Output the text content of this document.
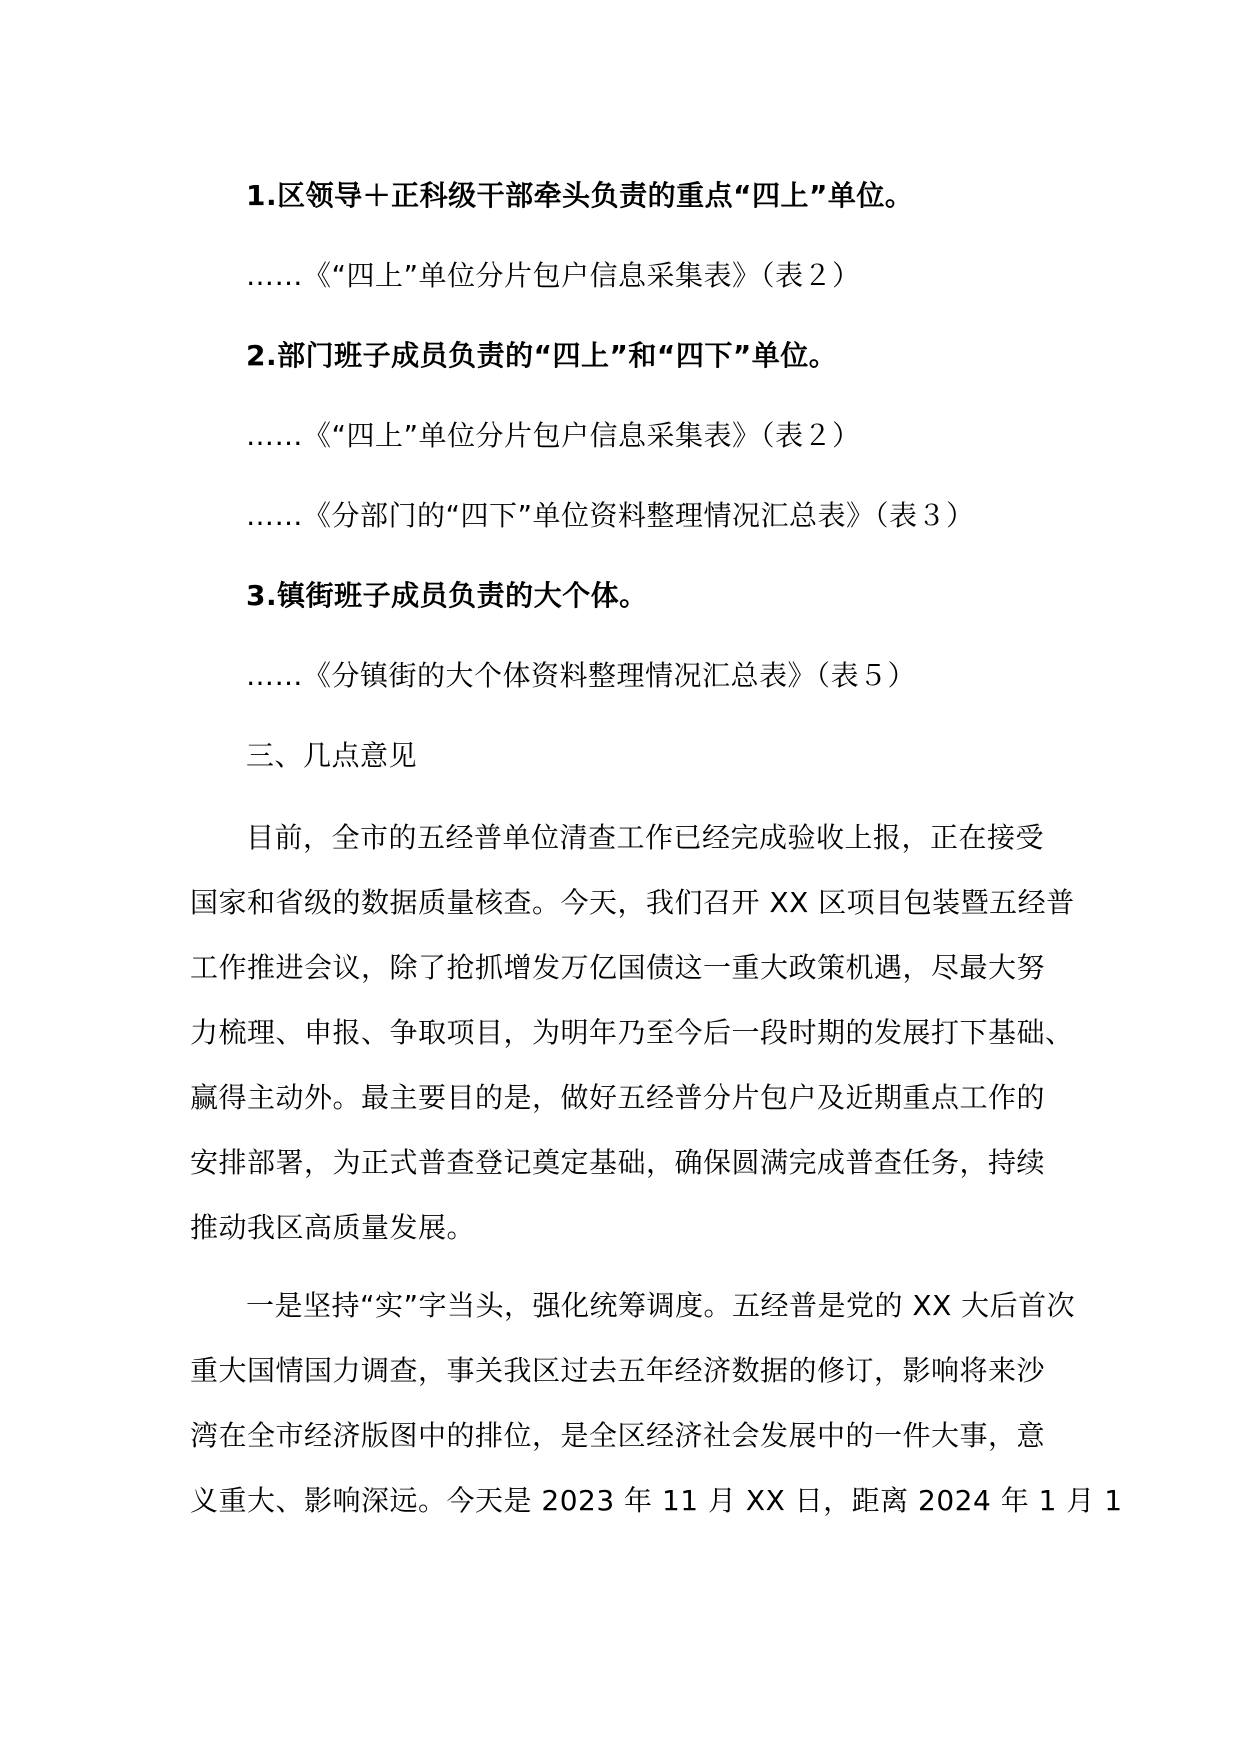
1.区领导＋正科级干部牵头负责的重点“四上”单位。
……《“四上”单位分片包户信息采集表》（表２）
2.部门班子成员负责的“四上”和“四下”单位。
……《“四上”单位分片包户信息采集表》（表２）
……《分部门的“四下”单位资料整理情况汇总表》（表３）
3.镇街班子成员负责的大个体。
……《分镇街的大个体资料整理情况汇总表》（表５）
三、几点意见
目前，全市的五经普单位清查工作已经完成验收上报，正在接受
国家和省级的数据质量核查。今天，我们召开 XX 区项目包装暨五经普
工作推进会议，除了抢抓增发万亿国债这一重大政策机遇，尽最大努
力梳理、申报、争取项目，为明年乃至今后一段时期的发展打下基础、
赢得主动外。最主要目的是，做好五经普分片包户及近期重点工作的
安排部署，为正式普查登记奠定基础，确保圆满完成普查任务，持续
推动我区高质量发展。
一是坚持“实”字当头，强化统筹调度。五经普是党的 XX 大后首次
重大国情国力调查，事关我区过去五年经济数据的修订，影响将来沙
湾在全市经济版图中的排位，是全区经济社会发展中的一件大事，意
义重大、影响深远。今天是 2023 年 11 月 XX 日，距离 2024 年 1 月 1
